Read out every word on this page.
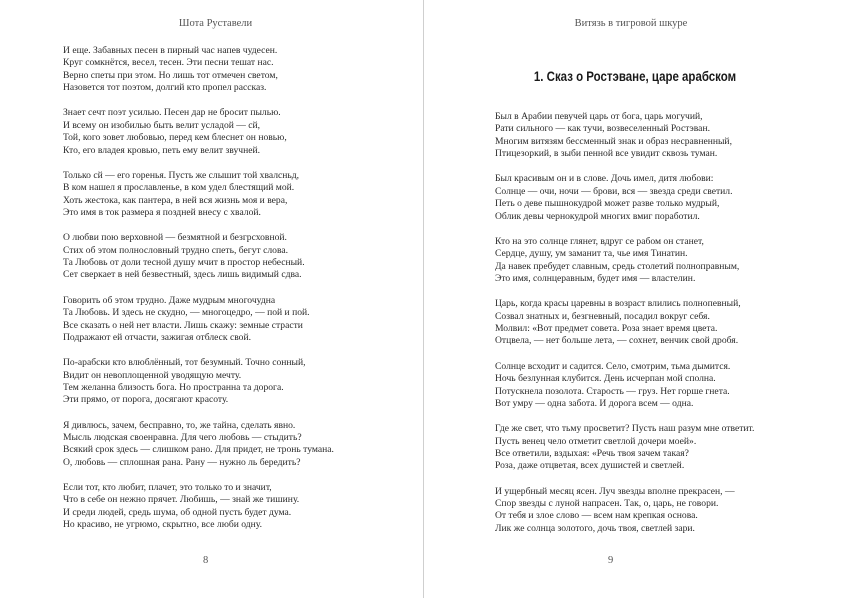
Шота Руставели
И еще. Забавных песен в пирный час напев чудесен.
Круг сомкнётся, весел, тесен. Эти песни тешат нас.
Верно спеты при этом. Но лишь тот отмечен светом,
Назовется тот поэтом, долгий кто пропел рассказ.
Знает сечт поэт усилью. Песен дар не бросит пылью.
И всему он изобилью быть велит усладой — сй,
Той, кого зовет любовью, перед кем блеснет он новью,
Кто, его владея кровью, петь ему велит звучней.
Только сй — его горенья. Пусть же слышит той хвалсньд,
В ком нашел я прославленье, в ком удел блестящий мой.
Хоть жестока, как пантера, в ней вся жизнь моя и вера,
Это имя в ток размера я поздней внесу с хвалой.
О любви пою верховной — безмятной и безгрсховной.
Стих об этом полнословный трудно спеть, бегут слова.
Та Любовь от доли тесной душу мчит в простор небесный.
Сет сверкает в ней безвестный, здесь лишь видимый сдва.
Говорить об этом трудно. Даже мудрым многочудна
Та Любовь. И здесь не скудно, — многоцедро, — пой и пой.
Все сказать о ней нет власти. Лишь скажу: земные страсти
Подражают ей отчасти, зажигая отблеск свой.
По-арабски кто влюблённый, тот безумный. Точно сонный,
Видит он невоплощенной уводящую мечту.
Тем желанна близость бога. Но пространна та дорога.
Эти прямо, от порога, досягают красоту.
Я дивлюсь, зачем, бесправно, то, же тайна, сделать явно.
Мысль людская своенравна. Для чего любовь — стыдить?
Всякий срок здесь — слишком рано. Для придет, не тронь тумана.
О, любовь — сплошная рана. Рану — нужно ль бередить?
Если тот, кто любит, плачет, это только то и значит,
Что в себе он нежно прячет. Любишь, — знай же тишину.
И среди людей, средь шума, об одной пусть будет дума.
Но красиво, не угрюмо, скрытно, все люби одну.
8
Витязь в тигровой шкуре
1. Сказ о Ростэване, царе арабском
Был в Арабии певучей царь от бога, царь могучий,
Рати сильного — как тучи, возвеселенный Ростэван.
Многим витязям бессменный знак и образ несравненный,
Птицезоркий, в зыби пенной все увидит сквозь туман.
Был красивым он и в слове. Дочь имел, дитя любови:
Солнце — очи, ночи — брови, вся — звезда среди светил.
Петь о деве пышнокудрой может разве только мудрый,
Облик девы чернокудрой многих вмиг поработил.
Кто на это солнце глянет, вдруг се рабом он станет,
Сердце, душу, ум заманит та, чье имя Тинатин.
Да навек пребудет славным, средь столетий полноправным,
Это имя, солнцеравным, будет имя — властелин.
Царь, когда красы царевны в возраст влились полнопевный,
Созвал знатных и, безгневный, посадил вокруг себя.
Молвил: «Вот предмет совета. Роза знает время цвета.
Отцвела, — нет больше лета, — сохнет, венчик свой дробя.
Солнце всходит и садится. Село, смотрим, тьма дымится.
Ночь безлунная клубится. День исчерпан мой сполна.
Потускнела позолота. Старость — груз. Нет горше гнета.
Вот умру — одна забота. И дорога всем — одна.
Где же свет, что тьму просветит? Пусть наш разум мне ответит.
Пусть венец чело отметит светлой дочери моей».
Все ответили, вздыхая: «Речь твоя зачем такая?
Роза, даже отцветая, всех душистей и светлей.
И ущербный месяц ясен. Луч звезды вполне прекрасен, —
Спор звезды с луной напрасен. Так, о, царь, не говори.
От тебя и злое слово — всем нам крепкая основа.
Лик же солнца золотого, дочь твоя, светлей зари.
9
